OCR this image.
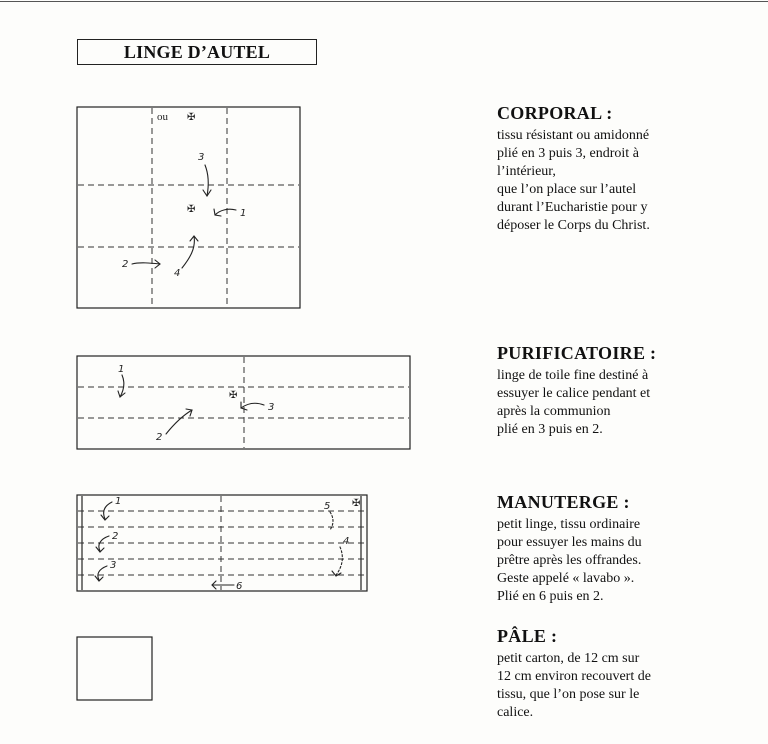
LINGE D’AUTEL
ou ✠
✠
3
1
2
4
✠
1
2
3
✠
1
2
3
5
4
6
CORPORAL :

tissu résistant ou amidonné

plié en 3 puis 3, endroit à

l’intérieur,

que l’on place sur l’autel

durant l’Eucharistie pour y

déposer le Corps du Christ.

PURIFICATOIRE :

linge de toile fine destiné à

essuyer le calice pendant et

après la communion

plié en 3 puis en 2.

MANUTERGE :

petit linge, tissu ordinaire

pour essuyer les mains du

prêtre après les offrandes.

Geste appelé « lavabo ».

Plié en 6 puis en 2.

PÂLE :

petit carton, de 12 cm sur

12 cm environ recouvert de

tissu, que l’on pose sur le

calice.
